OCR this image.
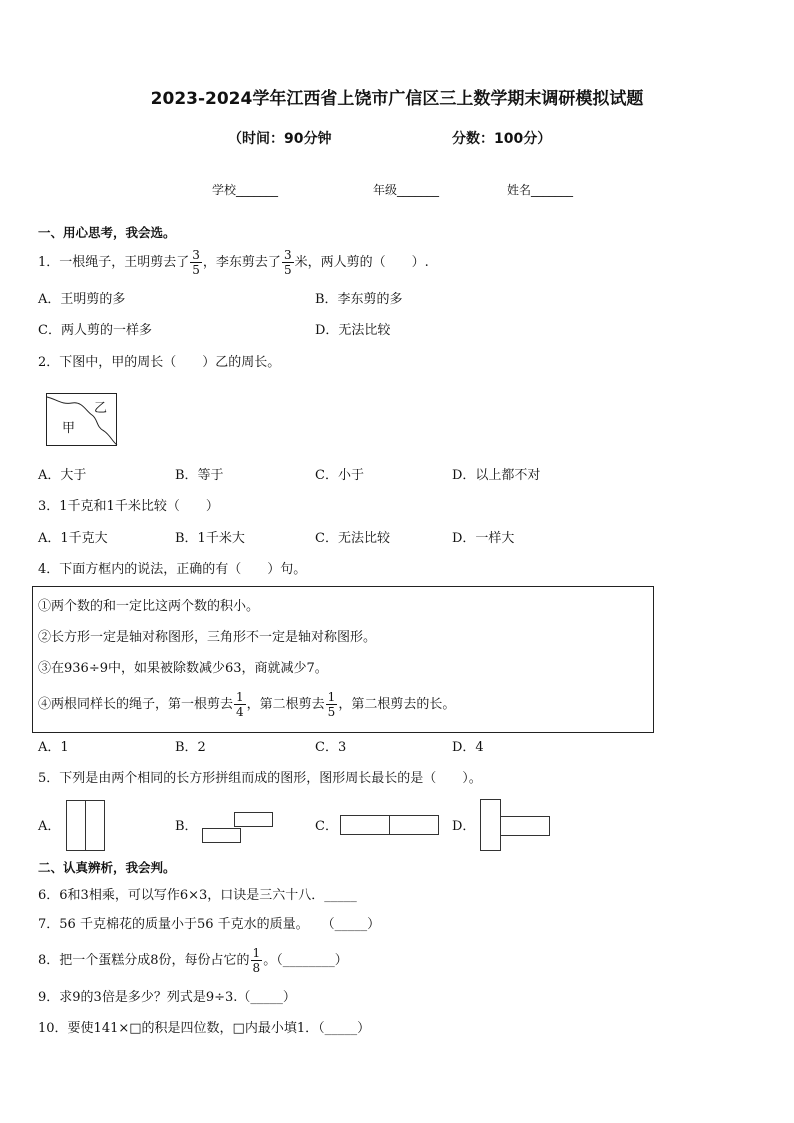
2023-2024学年江西省上饶市广信区三上数学期末调研模拟试题
（时间：90分钟	分数：100分）
学校_______	年级_______	姓名_______
一、用心思考，我会选。
1．一根绳子，王明剪去了 $\frac{3}{5}$ ，李东剪去了 $\frac{3}{5}$ 米，两人剪的（　　）.
A．王明剪的多	B．李东剪的多
C．两人剪的一样多	D．无法比较
2．下图中，甲的周长（　　）乙的周长。
乙
甲
A．大于	B．等于	C．小于	D．以上都不对
3．1千克和1千米比较（　　）
A．1千克大	B．1千米大	C．无法比较	D．一样大
4．下面方框内的说法，正确的有（　　）句。
①两个数的和一定比这两个数的积小。
②长方形一定是轴对称图形，三角形不一定是轴对称图形。
③在936÷9中，如果被除数减少63，商就减少7。
④两根同样长的绳子，第一根剪去 $\frac{1}{4}$ ，第二根剪去 $\frac{1}{5}$ ，第二根剪去的长。
A．1	B．2	C．3	D．4
5．下列是由两个相同的长方形拼组而成的图形，图形周长最长的是（　　）。
A．	B．	C．	D．
二、认真辨析，我会判。
6．6和3相乘，可以写作6×3，口诀是三六十八．_____
7．56 千克棉花的质量小于56 千克水的质量。　　（_____）
8．把一个蛋糕分成8份，每份占它的 $\frac{1}{8}$ 。（________）
9．求9的3倍是多少？列式是9÷3.（_____）
10．要使141×□的积是四位数，□内最小填1．（_____）
